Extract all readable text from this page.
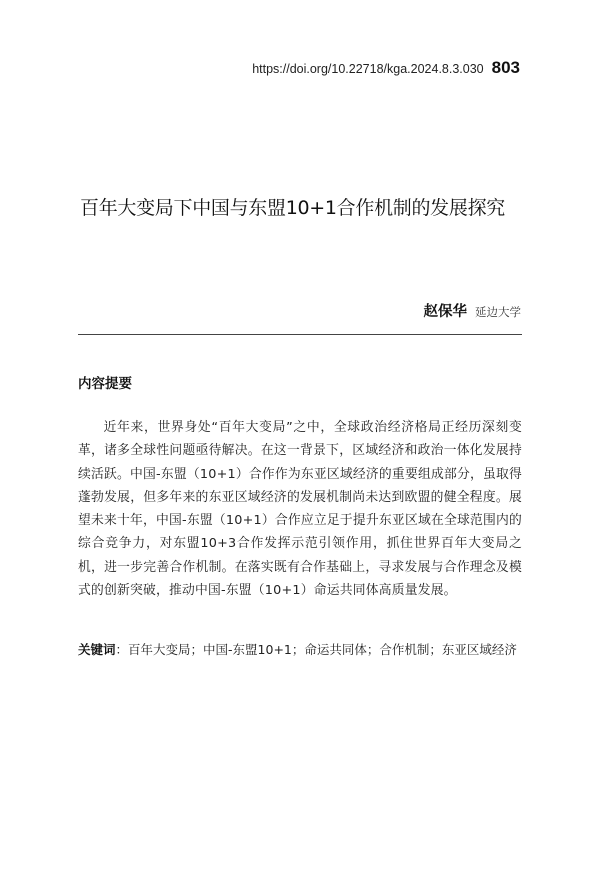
https://doi.org/10.22718/kga.2024.8.3.030 803
百年大变局下中国与东盟10+1合作机制的发展探究
赵保华 延边大学
内容提要
近年来，世界身处“百年大变局”之中，全球政治经济格局正经历深刻变革，诸多全球性问题亟待解决。在这一背景下，区域经济和政治一体化发展持续活跃。中国-东盟（10+1）合作作为东亚区域经济的重要组成部分，虽取得蓬勃发展，但多年来的东亚区域经济的发展机制尚未达到欧盟的健全程度。展望未来十年，中国-东盟（10+1）合作应立足于提升东亚区域在全球范围内的综合竞争力，对东盟10+3合作发挥示范引领作用，抓住世界百年大变局之机，进一步完善合作机制。在落实既有合作基础上，寻求发展与合作理念及模式的创新突破，推动中国-东盟（10+1）命运共同体高质量发展。
关键词：百年大变局；中国-东盟10+1；命运共同体；合作机制；东亚区域经济
